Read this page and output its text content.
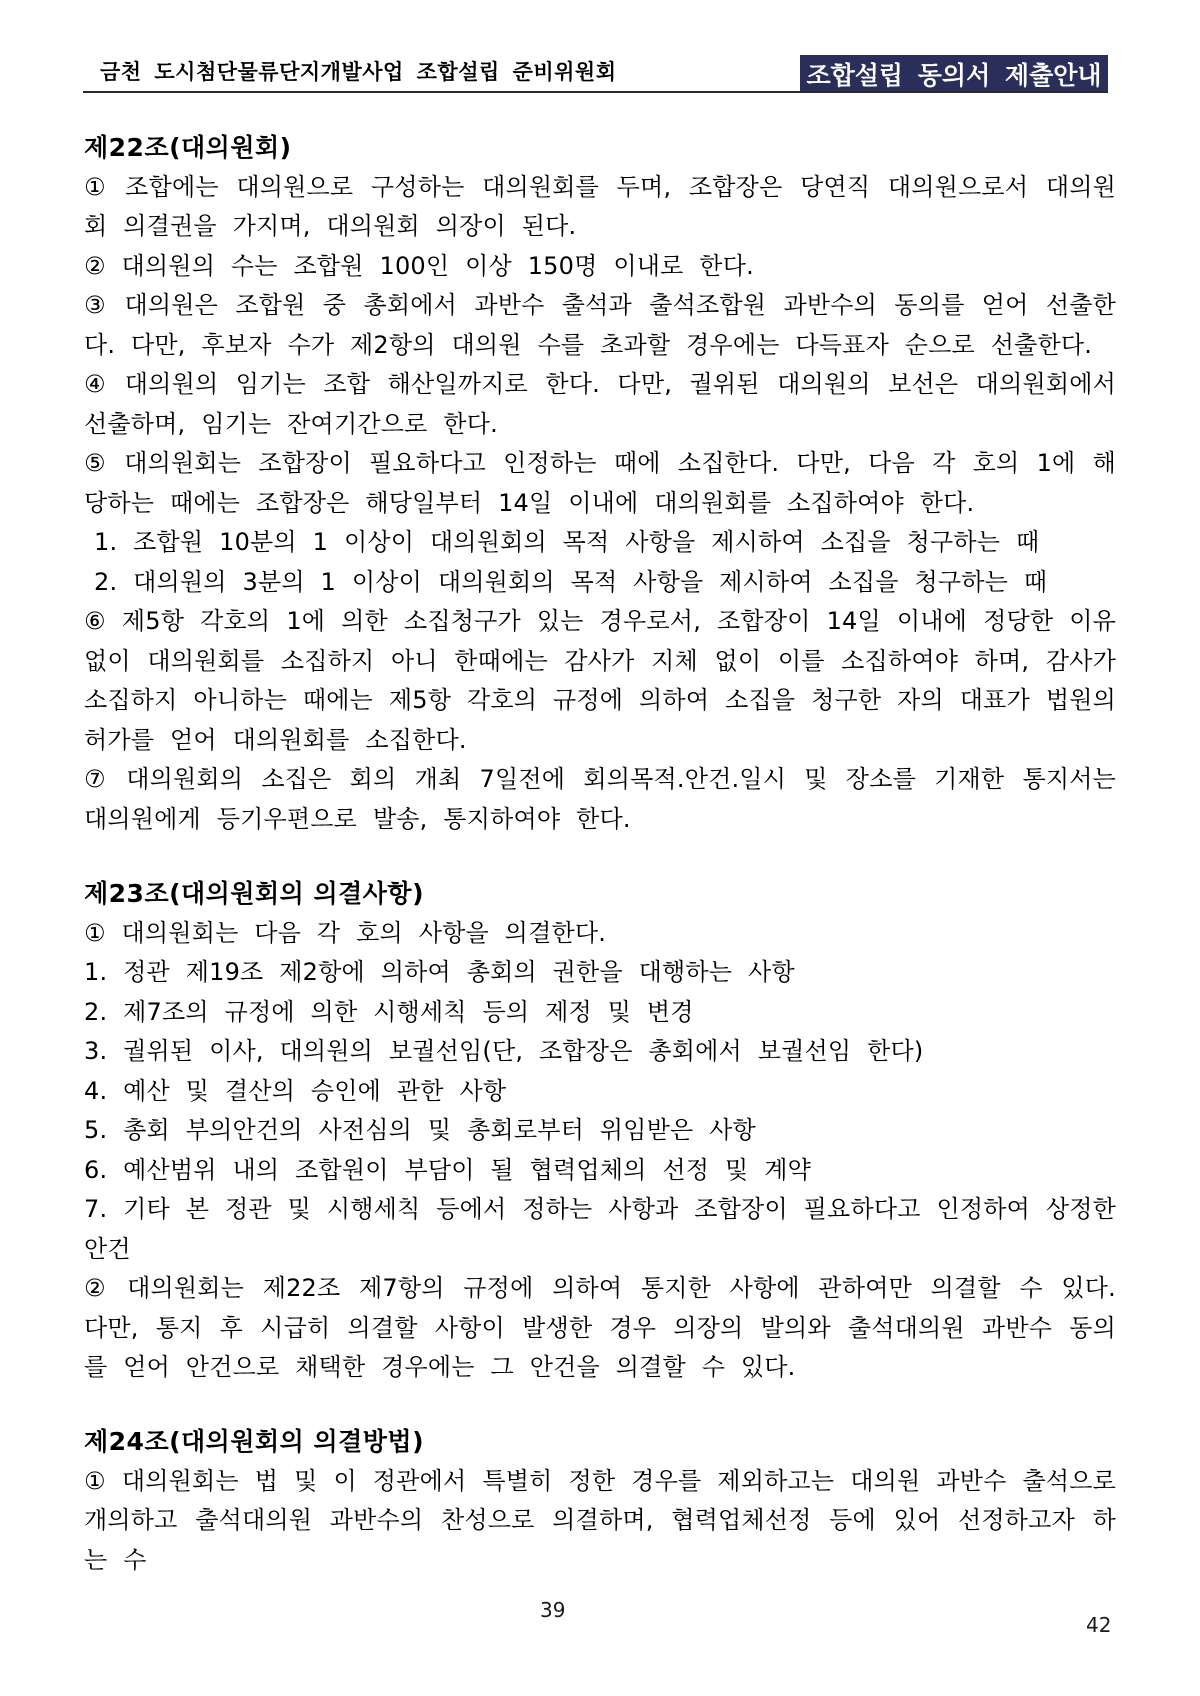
금천 도시첨단물류단지개발사업 조합설립 준비위원회	조합설립 동의서 제출안내
제22조(대의원회)

① 조합에는 대의원으로 구성하는 대의원회를 두며, 조합장은 당연직 대의원으로서 대의원회 의결권을 가지며, 대의원회 의장이 된다.

② 대의원의 수는 조합원 100인 이상 150명 이내로 한다.

③ 대의원은 조합원 중 총회에서 과반수 출석과 출석조합원 과반수의 동의를 얻어 선출한다. 다만, 후보자 수가 제2항의 대의원 수를 초과할 경우에는 다득표자 순으로 선출한다.

④ 대의원의 임기는 조합 해산일까지로 한다. 다만, 궐위된 대의원의 보선은 대의원회에서 선출하며, 임기는 잔여기간으로 한다.

⑤ 대의원회는 조합장이 필요하다고 인정하는 때에 소집한다. 다만, 다음 각 호의 1에 해당하는 때에는 조합장은 해당일부터 14일 이내에 대의원회를 소집하여야 한다.

1. 조합원 10분의 1 이상이 대의원회의 목적 사항을 제시하여 소집을 청구하는 때

2. 대의원의 3분의 1 이상이 대의원회의 목적 사항을 제시하여 소집을 청구하는 때

⑥ 제5항 각호의 1에 의한 소집청구가 있는 경우로서, 조합장이 14일 이내에 정당한 이유없이 대의원회를 소집하지 아니 한때에는 감사가 지체 없이 이를 소집하여야 하며, 감사가 소집하지 아니하는 때에는 제5항 각호의 규정에 의하여 소집을 청구한 자의 대표가 법원의 허가를 얻어 대의원회를 소집한다.

⑦ 대의원회의 소집은 회의 개최 7일전에 회의목적.안건.일시 및 장소를 기재한 통지서는 대의원에게 등기우편으로 발송, 통지하여야 한다.

제23조(대의원회의 의결사항)

① 대의원회는 다음 각 호의 사항을 의결한다.

1. 정관 제19조 제2항에 의하여 총회의 권한을 대행하는 사항

2. 제7조의 규정에 의한 시행세칙 등의 제정 및 변경

3. 궐위된 이사, 대의원의 보궐선임(단, 조합장은 총회에서 보궐선임 한다)

4. 예산 및 결산의 승인에 관한 사항

5. 총회 부의안건의 사전심의 및 총회로부터 위임받은 사항

6. 예산범위 내의 조합원이 부담이 될 협력업체의 선정 및 계약

7. 기타 본 정관 및 시행세칙 등에서 정하는 사항과 조합장이 필요하다고 인정하여 상정한 안건

② 대의원회는 제22조 제7항의 규정에 의하여 통지한 사항에 관하여만 의결할 수 있다. 다만, 통지 후 시급히 의결할 사항이 발생한 경우 의장의 발의와 출석대의원 과반수 동의를 얻어 안건으로 채택한 경우에는 그 안건을 의결할 수 있다.

제24조(대의원회의 의결방법)

① 대의원회는 법 및 이 정관에서 특별히 정한 경우를 제외하고는 대의원 과반수 출석으로 개의하고 출석대의원 과반수의 찬성으로 의결하며, 협력업체선정 등에 있어 선정하고자 하는 수

39
42
